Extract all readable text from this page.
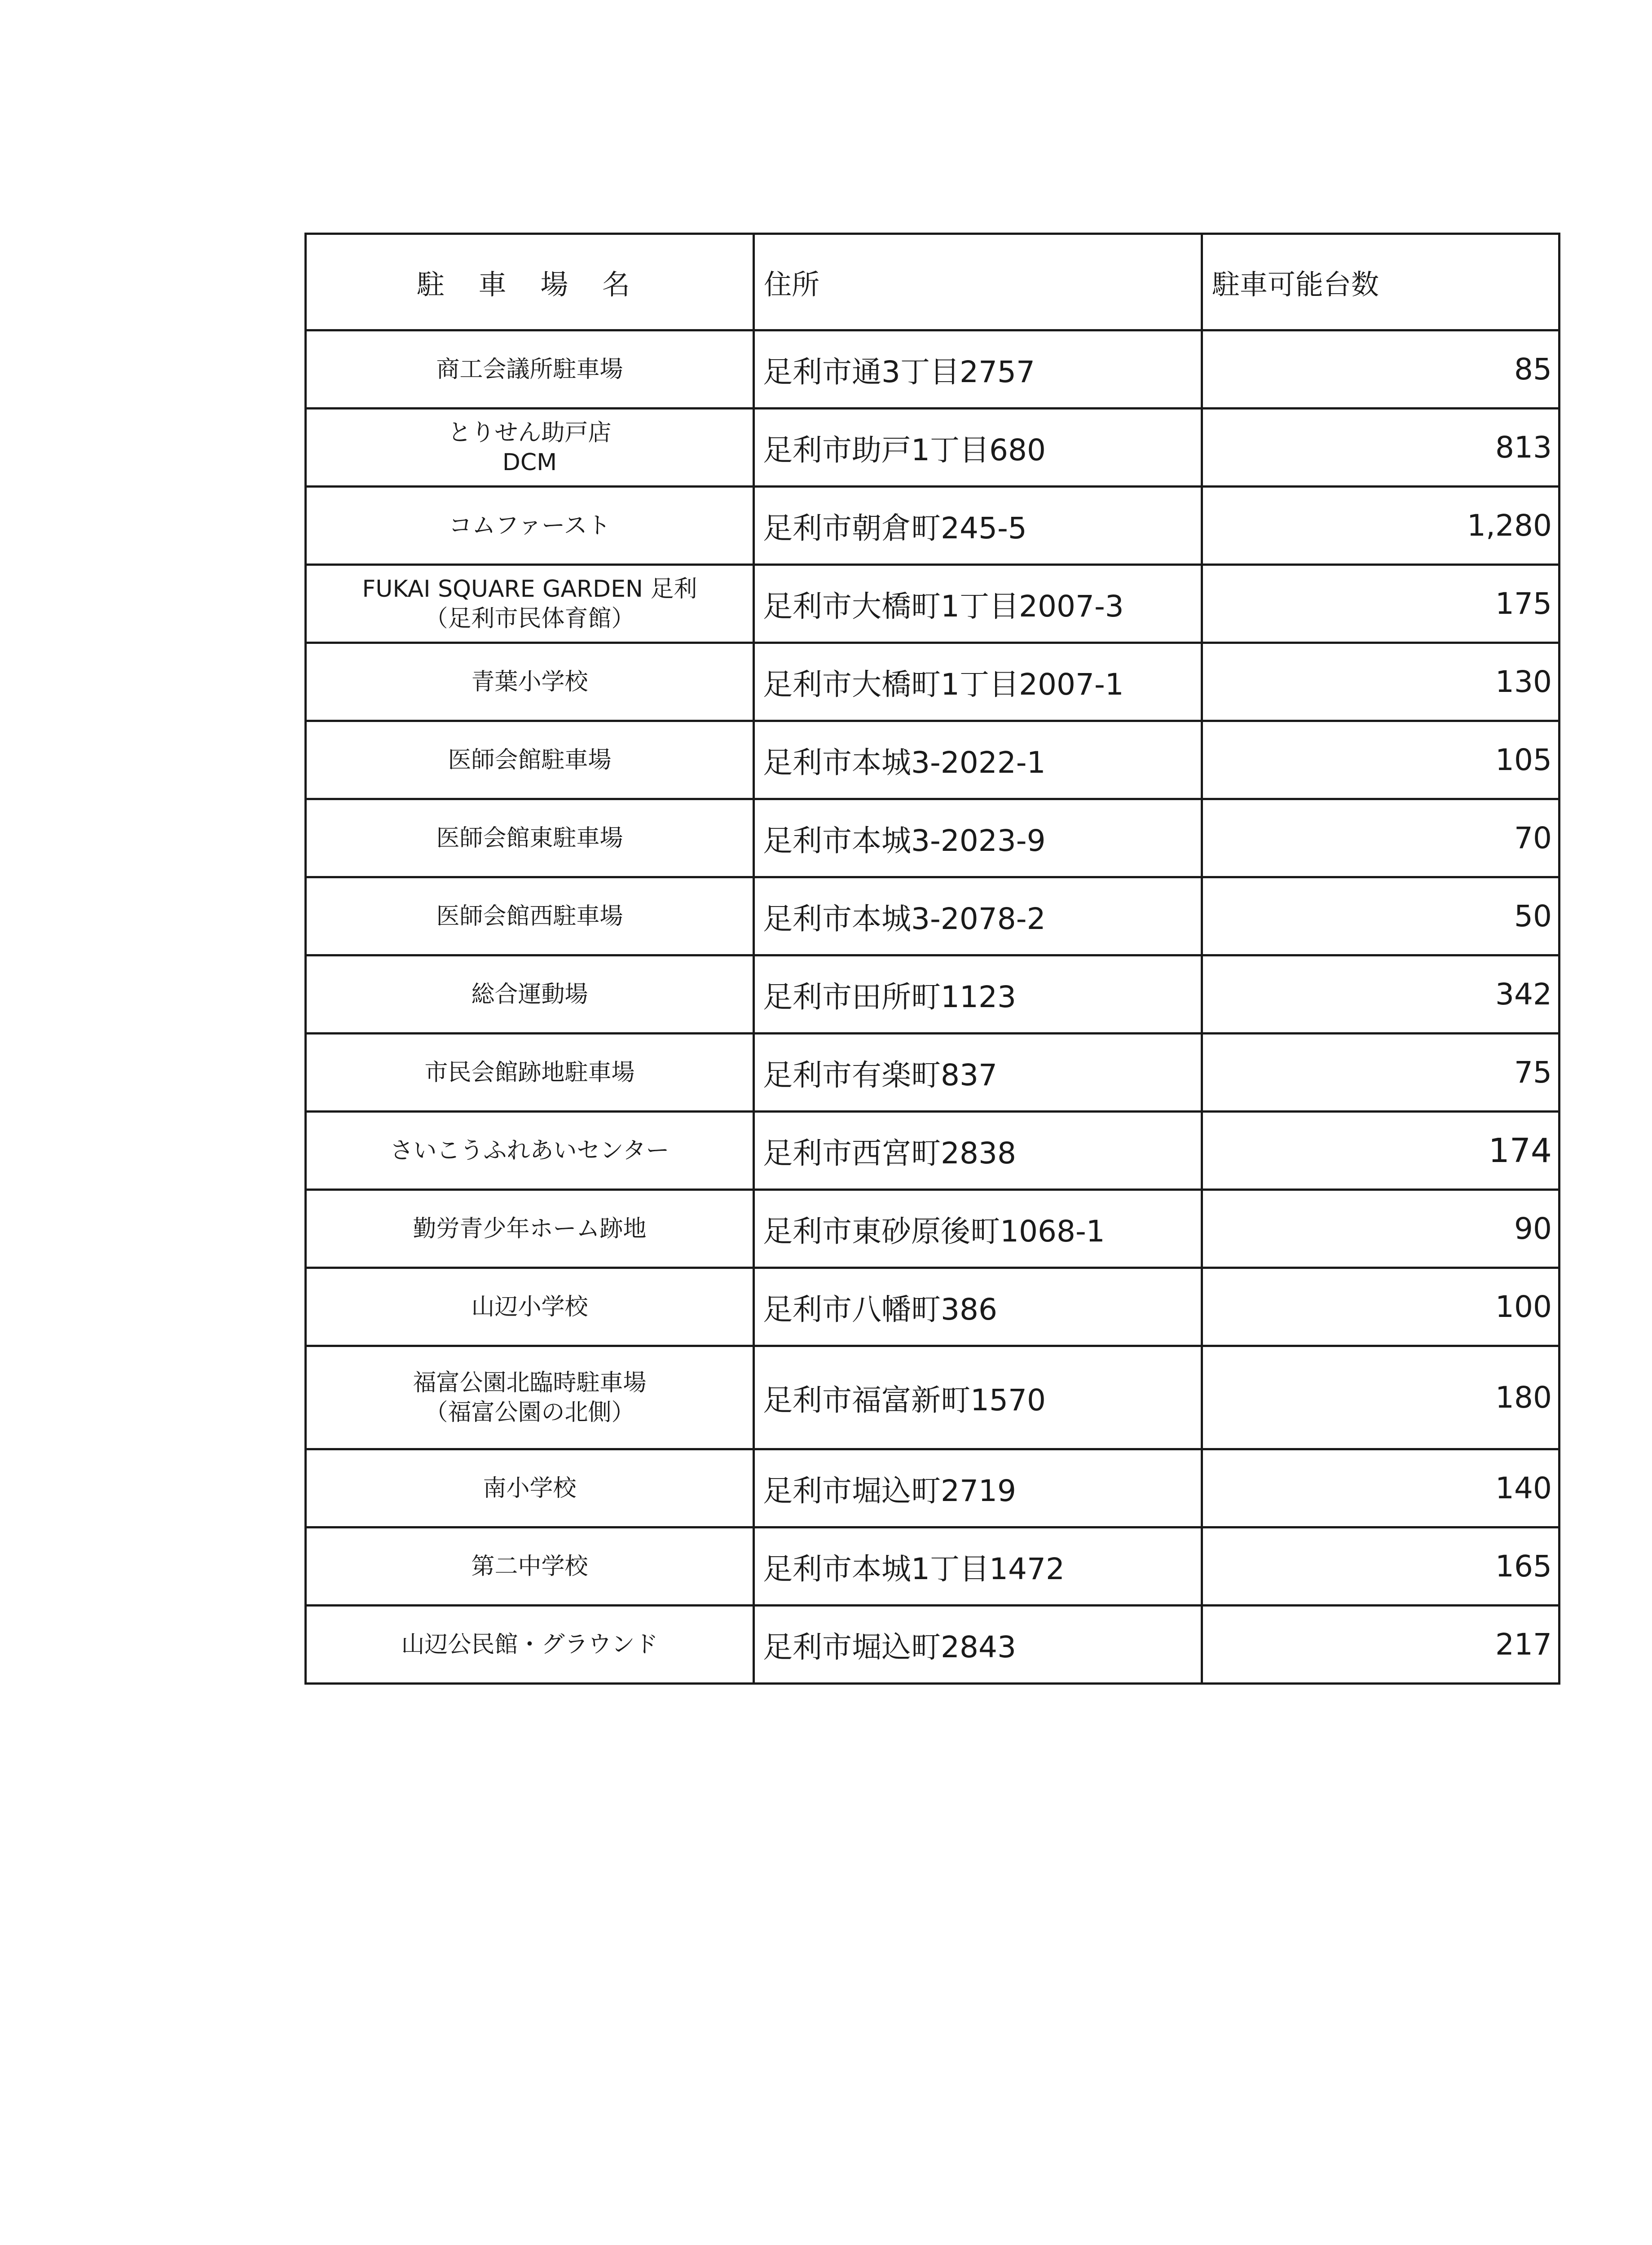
駐 車 場 名	住所	駐車可能台数

商工会議所駐車場	足利市通3丁目2757	85

とりせん助戸店
DCM	足利市助戸1丁目680	813

コムファースト	足利市朝倉町245-5	1,280

FUKAI SQUARE GARDEN 足利
（足利市民体育館）	足利市大橋町1丁目2007-3	175

青葉小学校	足利市大橋町1丁目2007-1	130

医師会館駐車場	足利市本城3-2022-1	105

医師会館東駐車場	足利市本城3-2023-9	70

医師会館西駐車場	足利市本城3-2078-2	50

総合運動場	足利市田所町1123	342

市民会館跡地駐車場	足利市有楽町837	75

さいこうふれあいセンター	足利市西宮町2838	174

勤労青少年ホーム跡地	足利市東砂原後町1068-1	90

山辺小学校	足利市八幡町386	100

福富公園北臨時駐車場
（福富公園の北側）	足利市福富新町1570	180

南小学校	足利市堀込町2719	140

第二中学校	足利市本城1丁目1472	165

山辺公民館・グラウンド	足利市堀込町2843	217
